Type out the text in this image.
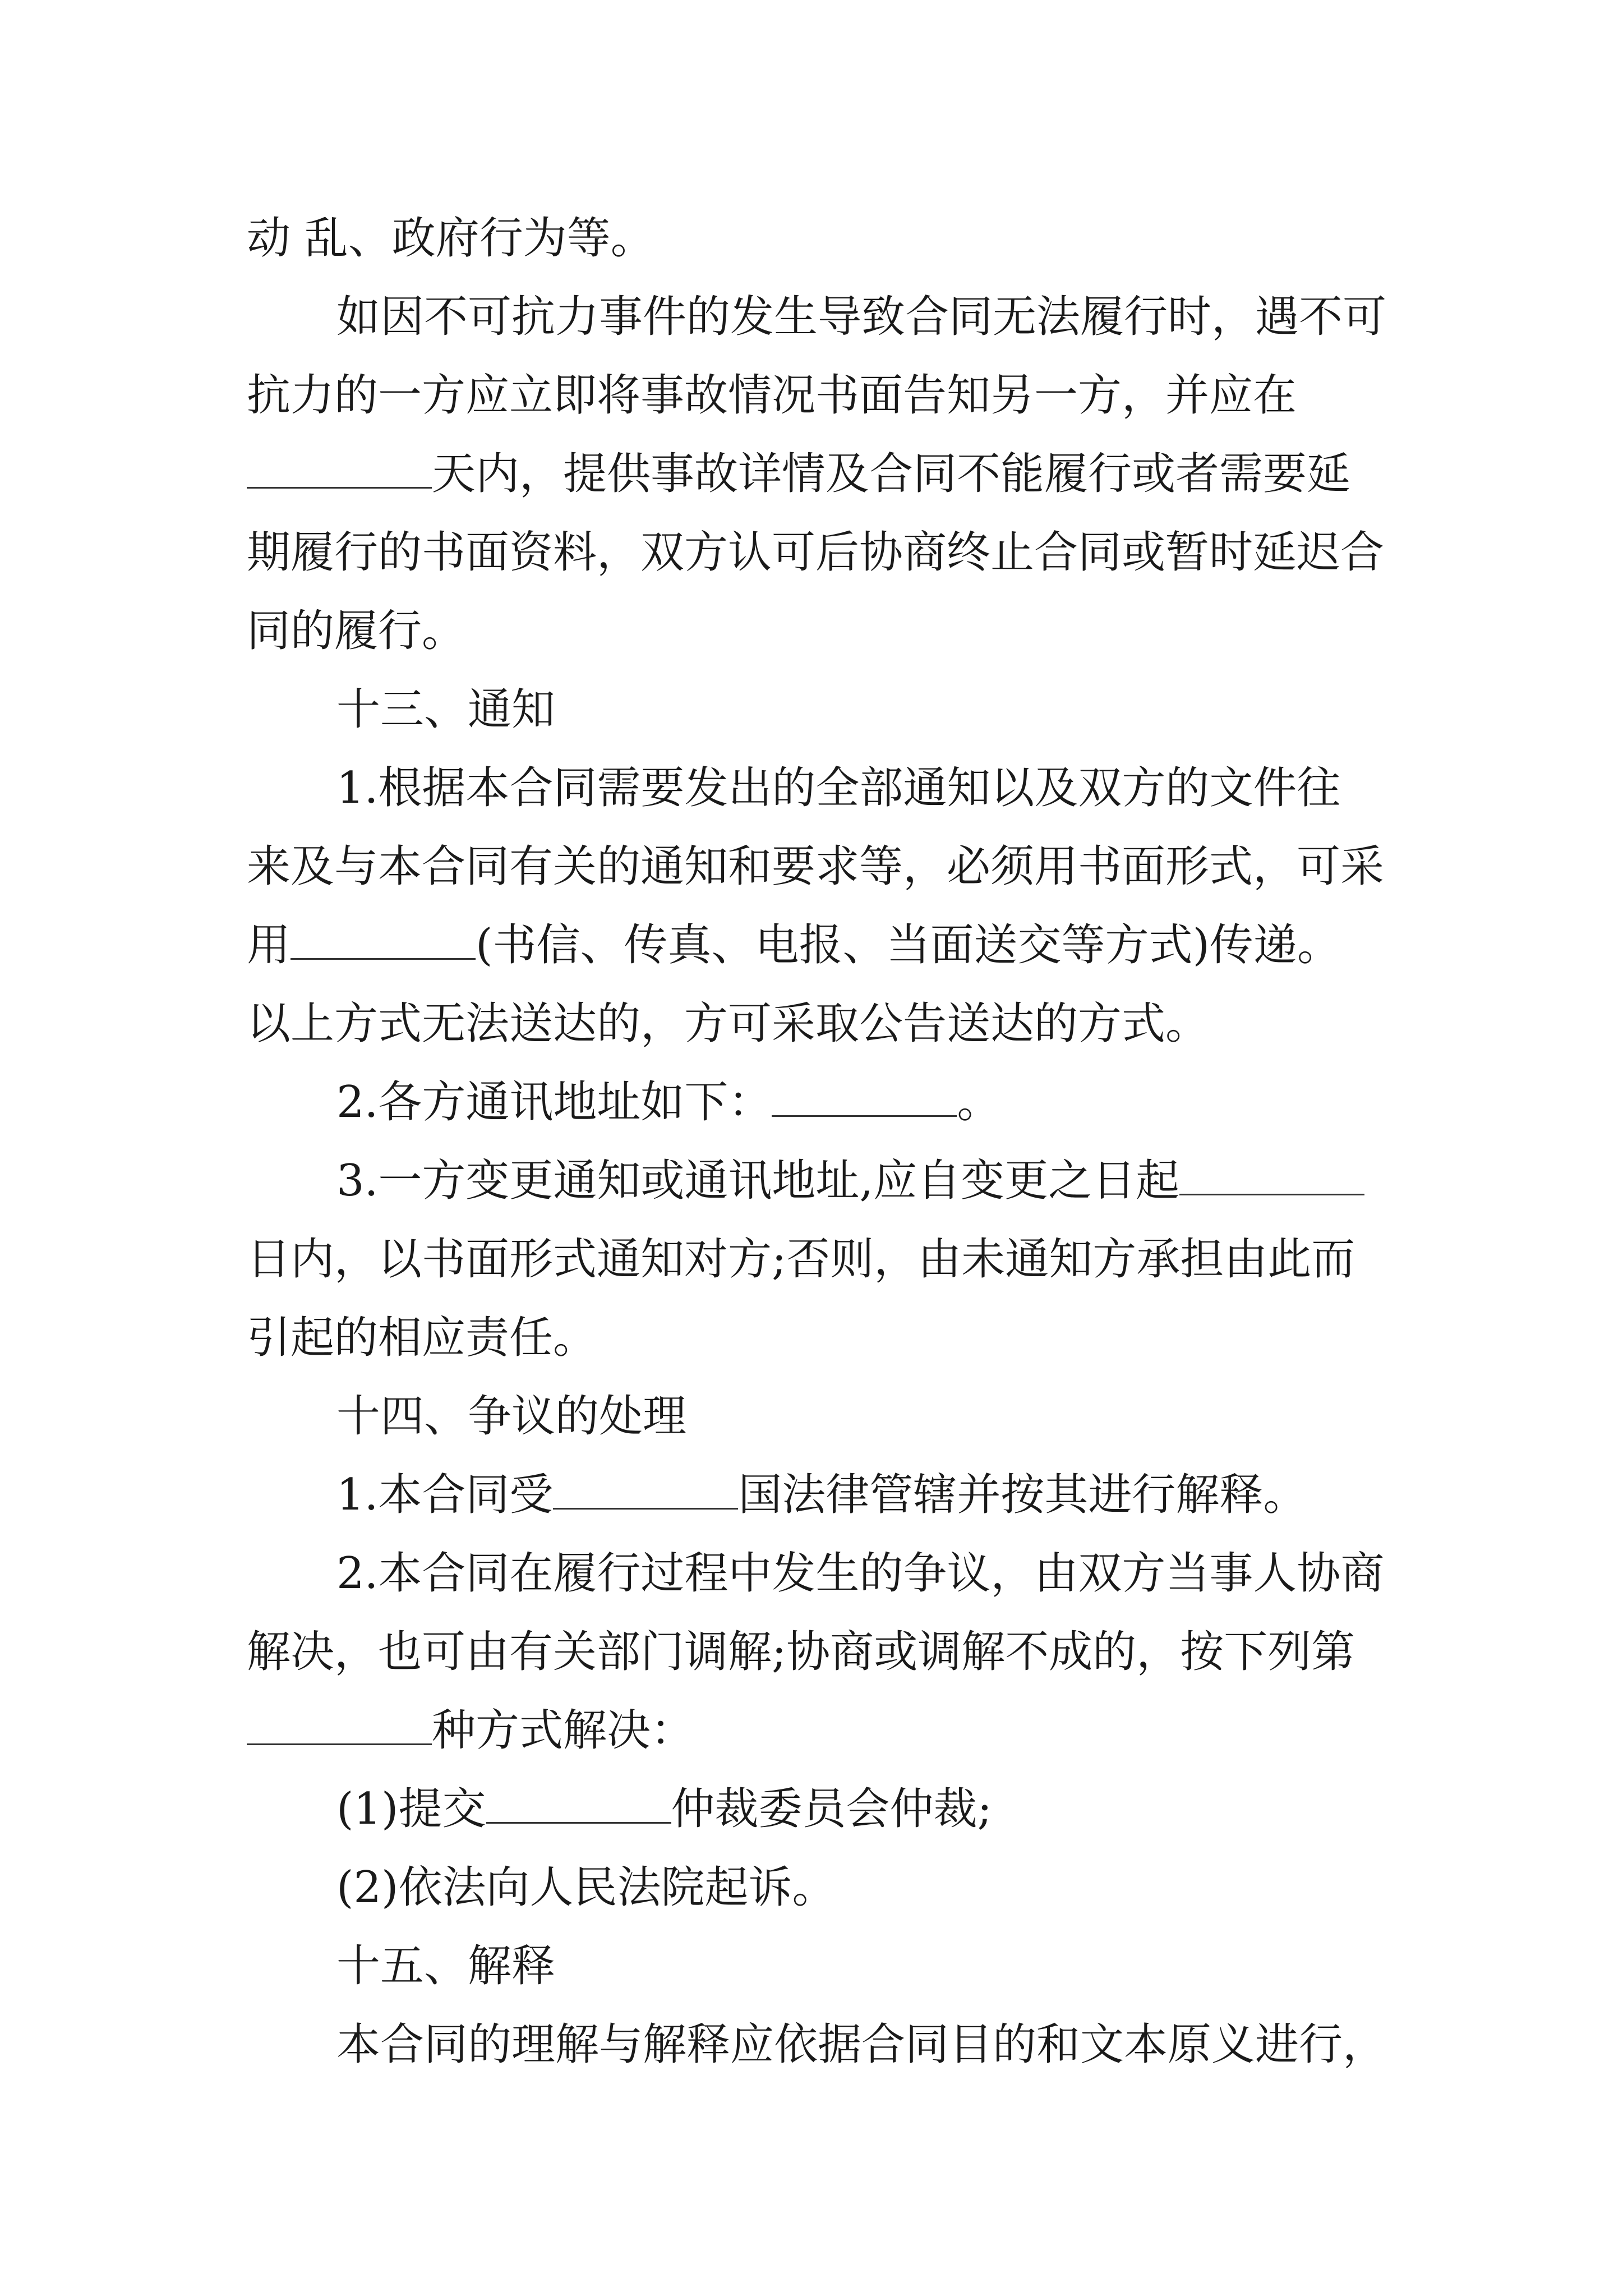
动 乱、政府行为等。
如因不可抗力事件的发生导致合同无法履行时，遇不可
抗力的一方应立即将事故情况书面告知另一方，并应在
天内，提供事故详情及合同不能履行或者需要延
期履行的书面资料，双方认可后协商终止合同或暂时延迟合
同的履行。
十三、通知
1.根据本合同需要发出的全部通知以及双方的文件往
来及与本合同有关的通知和要求等，必须用书面形式，可采
用	(书信、传真、电报、当面送交等方式)传递。
以上方式无法送达的，方可采取公告送达的方式。
2.各方通讯地址如下：	。
3.一方变更通知或通讯地址,应自变更之日起
日内，以书面形式通知对方;否则，由未通知方承担由此而
引起的相应责任。
十四、争议的处理
1.本合同受	国法律管辖并按其进行解释。
2.本合同在履行过程中发生的争议，由双方当事人协商
解决，也可由有关部门调解;协商或调解不成的，按下列第
种方式解决：
(1)提交	仲裁委员会仲裁;
(2)依法向人民法院起诉。
十五、解释
本合同的理解与解释应依据合同目的和文本原义进行，
